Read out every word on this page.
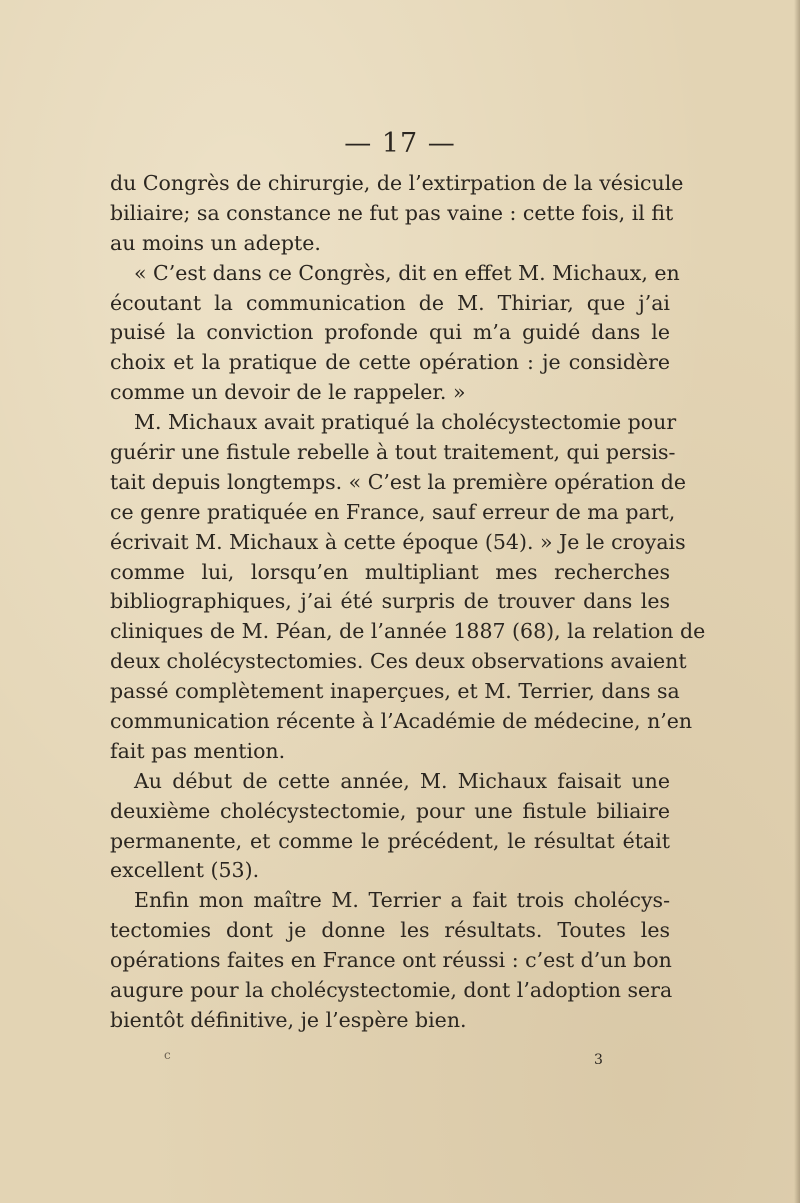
— 17 —
du Congrès de chirurgie, de l’extirpation de la vésicule
biliaire; sa constance ne fut pas vaine : cette fois, il fit
au moins un adepte.
« C’est dans ce Congrès, dit en effet M. Michaux, en
écoutant la communication de M. Thiriar, que j’ai
puisé la conviction profonde qui m’a guidé dans le
choix et la pratique de cette opération : je considère
comme un devoir de le rappeler. »
M. Michaux avait pratiqué la cholécystectomie pour
guérir une fistule rebelle à tout traitement, qui persis-
tait depuis longtemps. « C’est la première opération de
ce genre pratiquée en France, sauf erreur de ma part,
écrivait M. Michaux à cette époque (54). » Je le croyais
comme lui, lorsqu’en multipliant mes recherches
bibliographiques, j’ai été surpris de trouver dans les
cliniques de M. Péan, de l’année 1887 (68), la relation de
deux cholécystectomies. Ces deux observations avaient
passé complètement inaperçues, et M. Terrier, dans sa
communication récente à l’Académie de médecine, n’en
fait pas mention.
Au début de cette année, M. Michaux faisait une
deuxième cholécystectomie, pour une fistule biliaire
permanente, et comme le précédent, le résultat était
excellent (53).
Enfin mon maître M. Terrier a fait trois cholécys-
tectomies dont je donne les résultats. Toutes les
opérations faites en France ont réussi : c’est d’un bon
augure pour la cholécystectomie, dont l’adoption sera
bientôt définitive, je l’espère bien.
c	3
